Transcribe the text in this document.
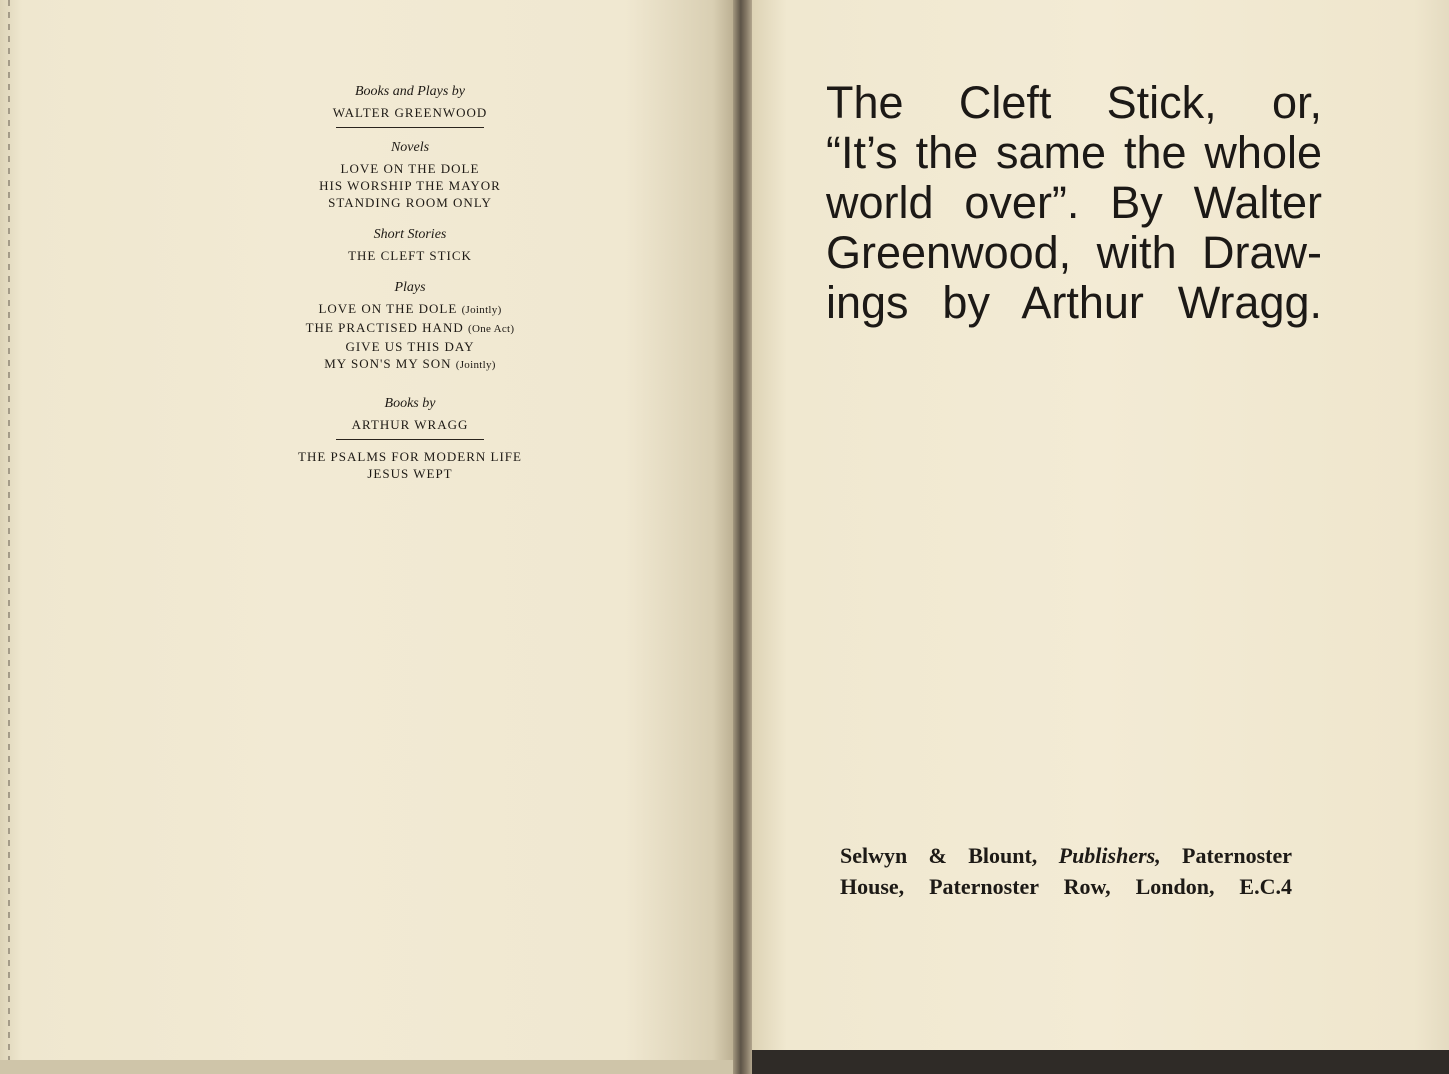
Books and Plays by
WALTER GREENWOOD
Novels
LOVE ON THE DOLE
HIS WORSHIP THE MAYOR
STANDING ROOM ONLY
Short Stories
THE CLEFT STICK
Plays
LOVE ON THE DOLE (Jointly)
THE PRACTISED HAND (One Act)
GIVE US THIS DAY
MY SON'S MY SON (Jointly)
Books by
ARTHUR WRAGG
THE PSALMS FOR MODERN LIFE
JESUS WEPT
The Cleft Stick, or,
“It’s the same the whole
world over”. By Walter
Greenwood, with Draw-
ings by Arthur Wragg.
Selwyn & Blount, Publishers, Paternoster
House, Paternoster Row, London, E.C.4
